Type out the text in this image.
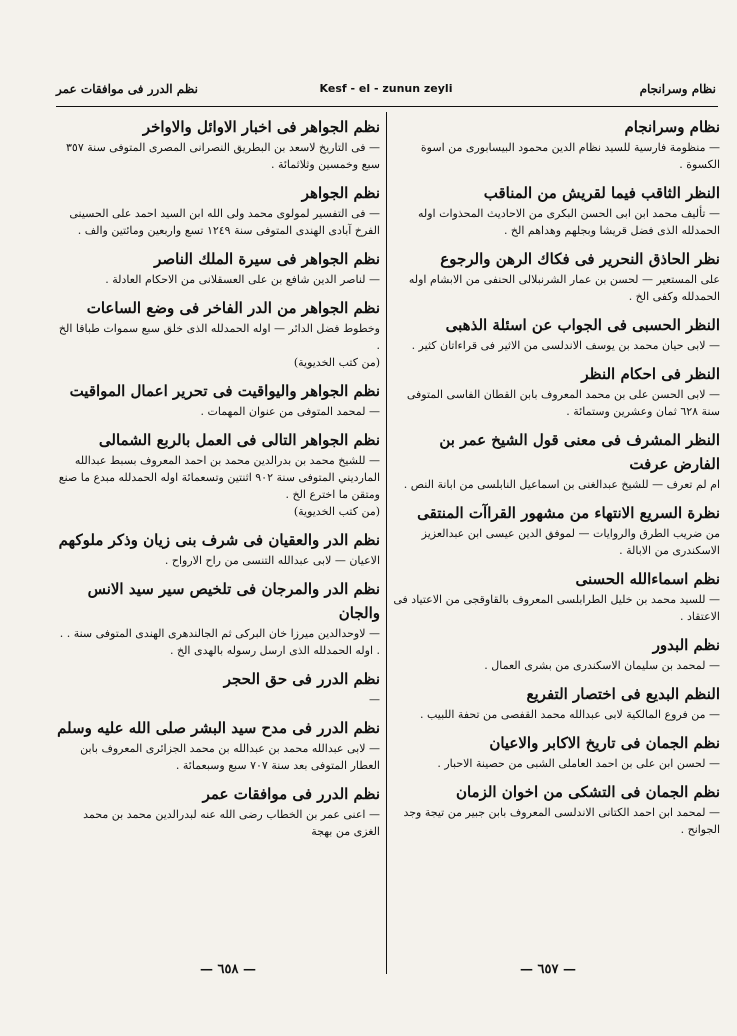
نظام وسرانجام
Kesf - el - zunun zeyli
نظم الدرر فى موافقات عمر
نظام وسرانجام
— منظومة فارسية للسيد نظام الدين محمود البيسابورى من اسوة الكسوة .
النظر الثاقب فيما لقريش من المناقب
— تأليف محمد ابن ابى الحسن البكرى من الاحاديث المحذوات اوله الحمدلله الذى فضل قريشا وبجلهم وهداهم الخ .
نظر الحاذق النحرير فى فكاك الرهن والرجوع
على المستعير — لحسن بن عمار الشرنبلالى الحنفى من الابشام اوله الحمدلله وكفى الخ .
النظر الحسبى فى الجواب عن اسئلة الذهبى
— لابى حيان محمد بن يوسف الاندلسى من الاثير فى قراءاتان كثير .
النظر فى احكام النظر
— لابى الحسن على بن محمد المعروف بابن القطان الفاسى المتوفى سنة ٦٢٨ ثمان وعشرين وستمائة .
النظر المشرف فى معنى قول الشيخ عمر بن الفارض عرفت
ام لم تعرف — للشيخ عبدالغنى بن اسماعيل النابلسى من ابانة النص .
نظرة السريع الانتهاء من مشهور القراآت المنتقى
من ضريب الطرق والروايات — لموفق الدين عيسى ابن عبدالعزيز الاسكندرى من الابالة .
نظم اسماءالله الحسنى
— للسيد محمد بن خليل الطرابلسى المعروف بالقاوقجى من الاعتياد فى الاعتقاد .
نظم البدور
— لمحمد بن سليمان الاسكندرى من بشرى العمال .
النظم البديع فى اختصار التفريع
— من فروع المالكية لابى عبدالله محمد القفصى من تحفة اللبيب .
نظم الجمان فى تاريخ الاكابر والاعيان
— لحسن ابن على بن احمد العاملى الشبى من حصينة الاحبار .
نظم الجمان فى التشكى من اخوان الزمان
— لمحمد ابن احمد الكتانى الاندلسى المعروف بابن جبير من تيجة وجد الجوانح .
نظم الجواهر فى اخبار الاوائل والاواخر
— فى التاريخ لاسعد بن البطريق النصرانى المصرى المتوفى سنة ٣٥٧ سبع وخمسين وثلاثمائة .
نظم الجواهر
— فى التفسير لمولوى محمد ولى الله ابن السيد احمد على الحسينى الفرخ آبادى الهندى المتوفى سنة ١٢٤٩ تسع واربعين ومائتين والف .
نظم الجواهر فى سيرة الملك الناصر
— لناصر الدين شافع بن على العسقلانى من الاحكام العادلة .
نظم الجواهر من الدر الفاخر فى وضع الساعات
وخطوط فضل الدائر — اوله الحمدلله الذى خلق سبع سموات طباقا الخ .
(من كتب الخديوية)
نظم الجواهر واليواقيت فى تحرير اعمال المواقيت
— لمحمد المتوفى من عنوان المهمات .
نظم الجواهر التالى فى العمل بالربع الشمالى
— للشيخ محمد بن بدرالدين محمد بن احمد المعروف بسبط عبدالله المارديني المتوفى سنة ٩٠٢ اثنتين وتسعمائة اوله الحمدلله مبدع ما صنع ومتقن ما اخترع الخ .
(من كتب الخديوية)
نظم الدر والعقيان فى شرف بنى زيان وذكر ملوكهم
الاعيان — لابى عبدالله التنسى من راح الارواح .
نظم الدر والمرجان فى تلخيص سير سيد الانس والجان
— لاوحدالدين ميرزا خان البركى ثم الجالندهرى الهندى المتوفى سنة . . . اوله الحمدلله الذى ارسل رسوله بالهدى الخ .
نظم الدرر فى حق الحجر
—
نظم الدرر فى مدح سيد البشر صلى الله عليه وسلم
— لابى عبدالله محمد بن عبدالله بن محمد الجزائرى المعروف بابن العطار المتوفى بعد سنة ٧٠٧ سبع وسبعمائة .
نظم الدرر فى موافقات عمر
— اعنى عمر بن الخطاب رضى الله عنه لبدرالدين محمد بن محمد الغزى من بهجة
— ٦٥٨ —	— ٦٥٧ —
